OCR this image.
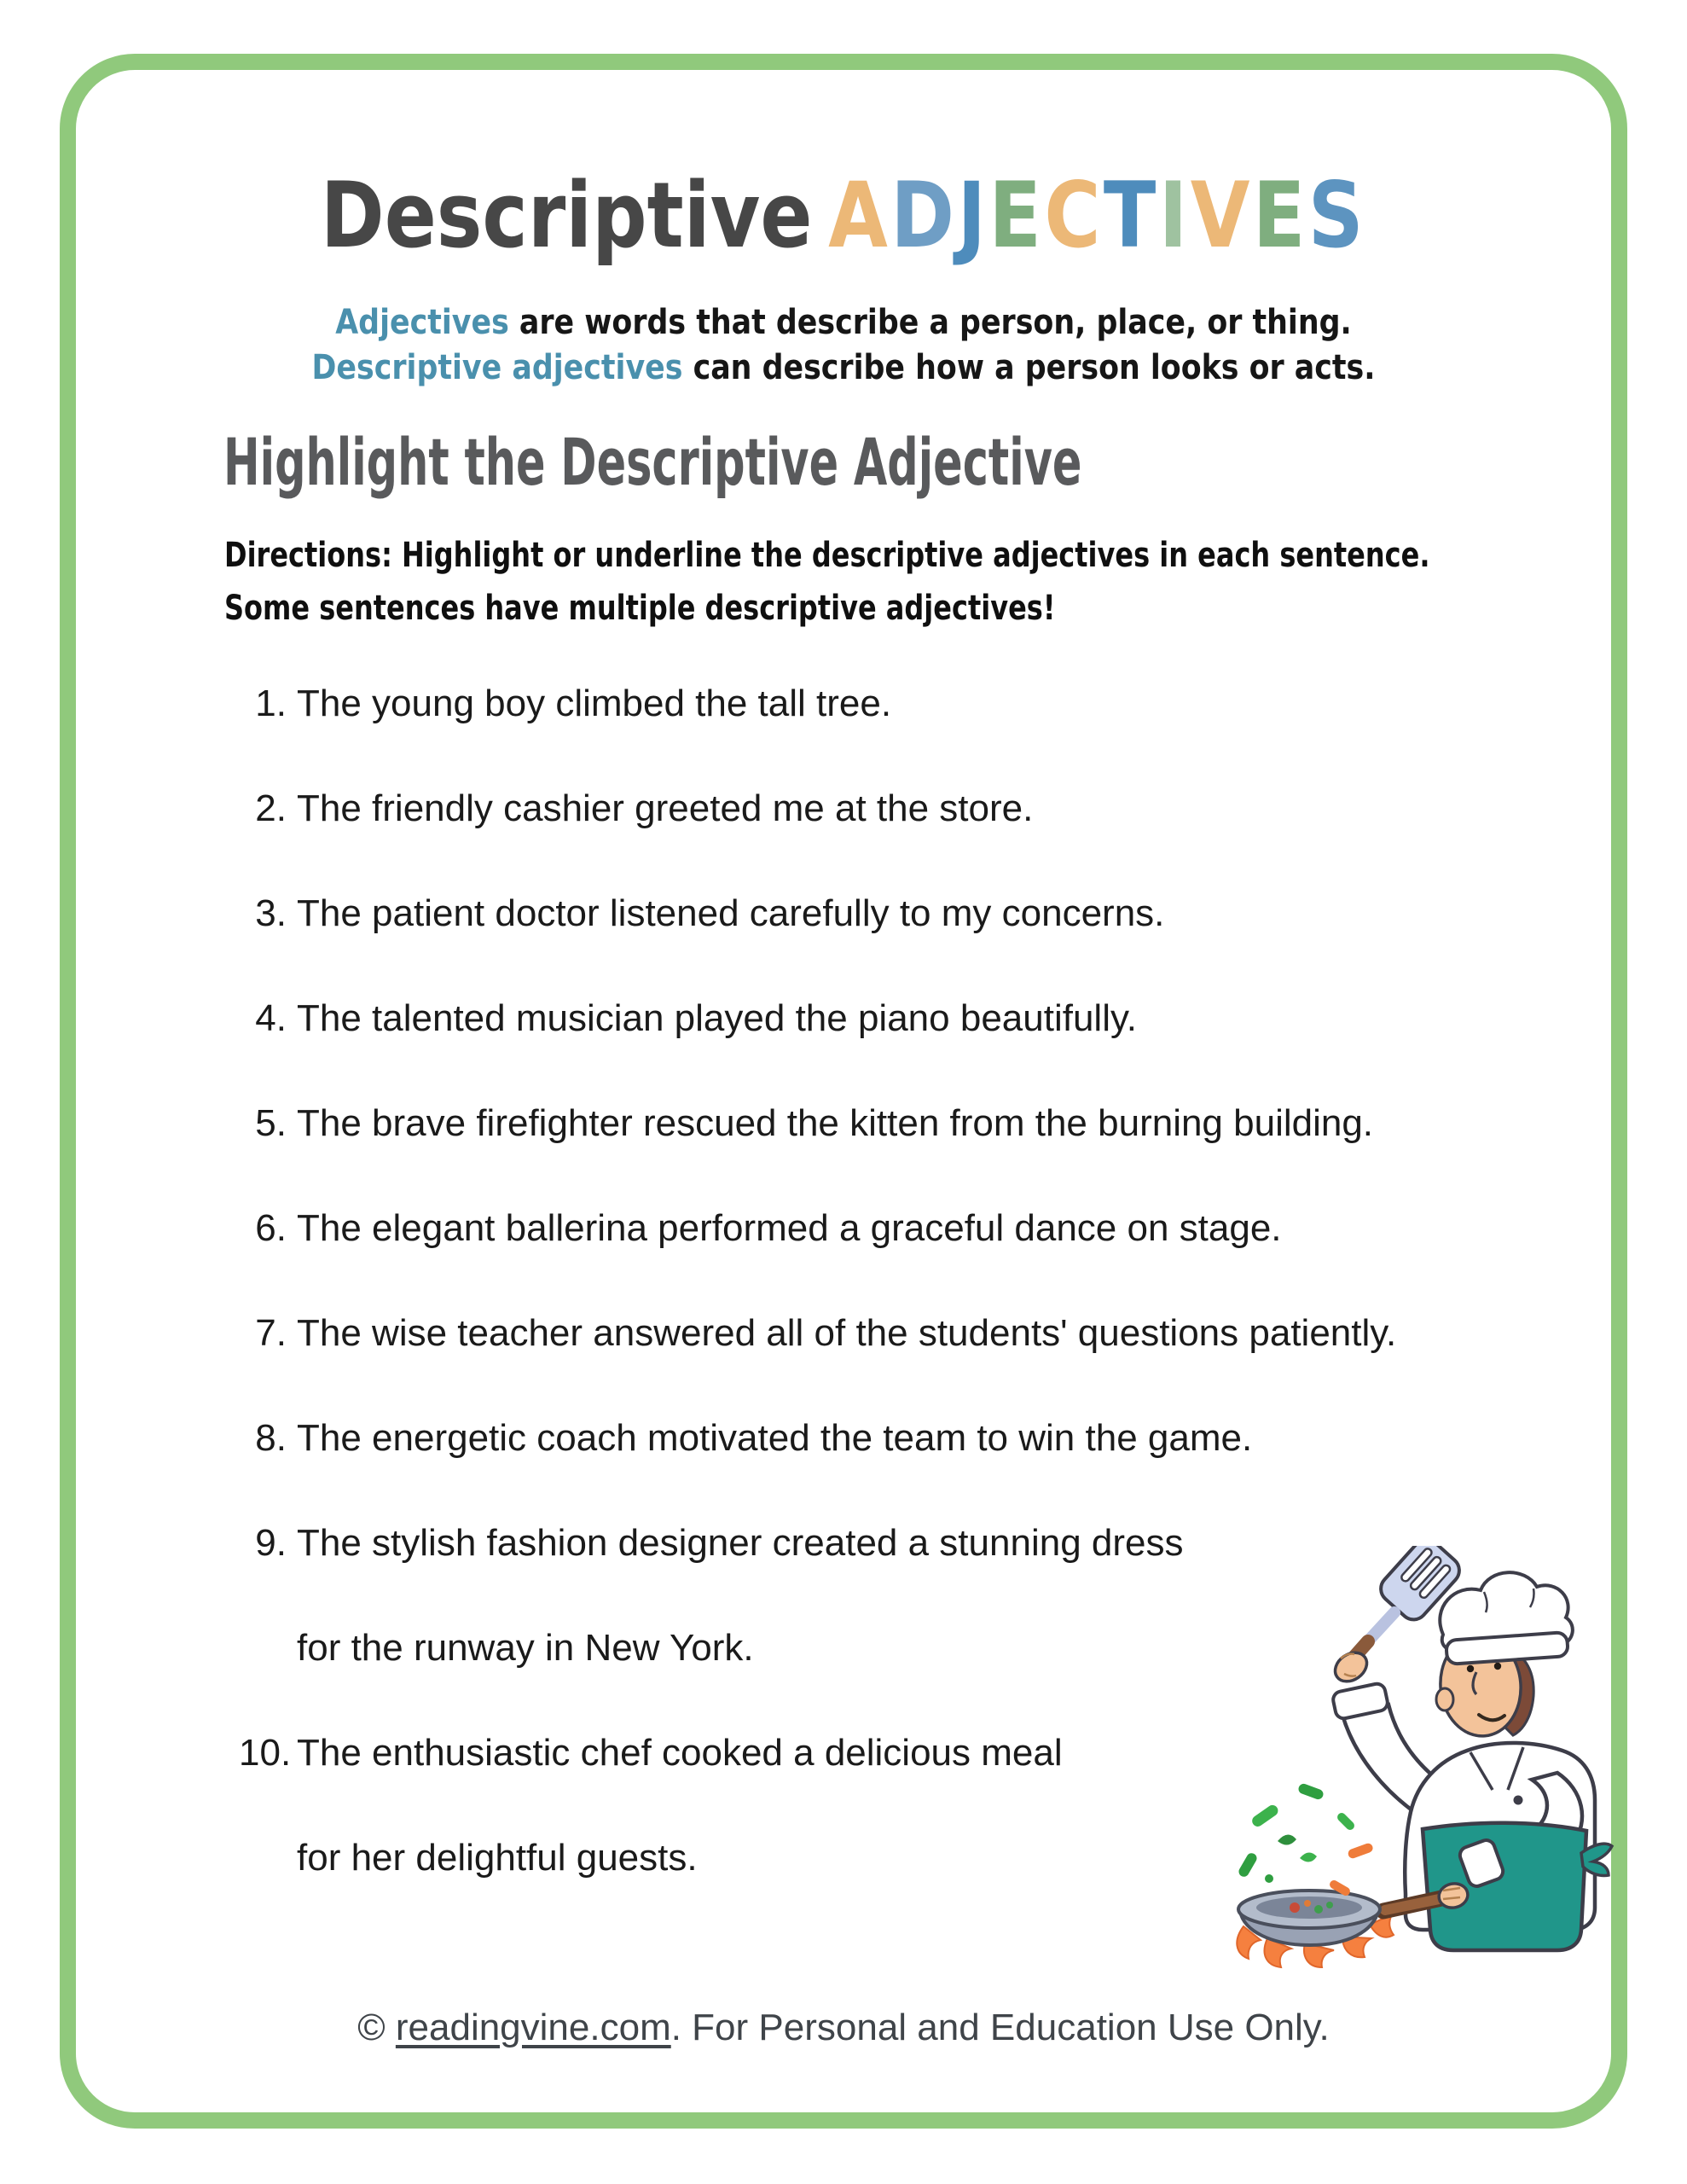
Descriptive ADJECTIVES
Adjectives are words that describe a person, place, or thing.
Descriptive adjectives can describe how a person looks or acts.
Highlight the Descriptive Adjective
Directions: Highlight or underline the descriptive adjectives in each sentence.
Some sentences have multiple descriptive adjectives!
1. The young boy climbed the tall tree.
2. The friendly cashier greeted me at the store.
3. The patient doctor listened carefully to my concerns.
4. The talented musician played the piano beautifully.
5. The brave firefighter rescued the kitten from the burning building.
6. The elegant ballerina performed a graceful dance on stage.
7. The wise teacher answered all of the students' questions patiently.
8. The energetic coach motivated the team to win the game.
9. The stylish fashion designer created a stunning dress
for the runway in New York.
10. The enthusiastic chef cooked a delicious meal
for her delightful guests.
© readingvine.com. For Personal and Education Use Only.
